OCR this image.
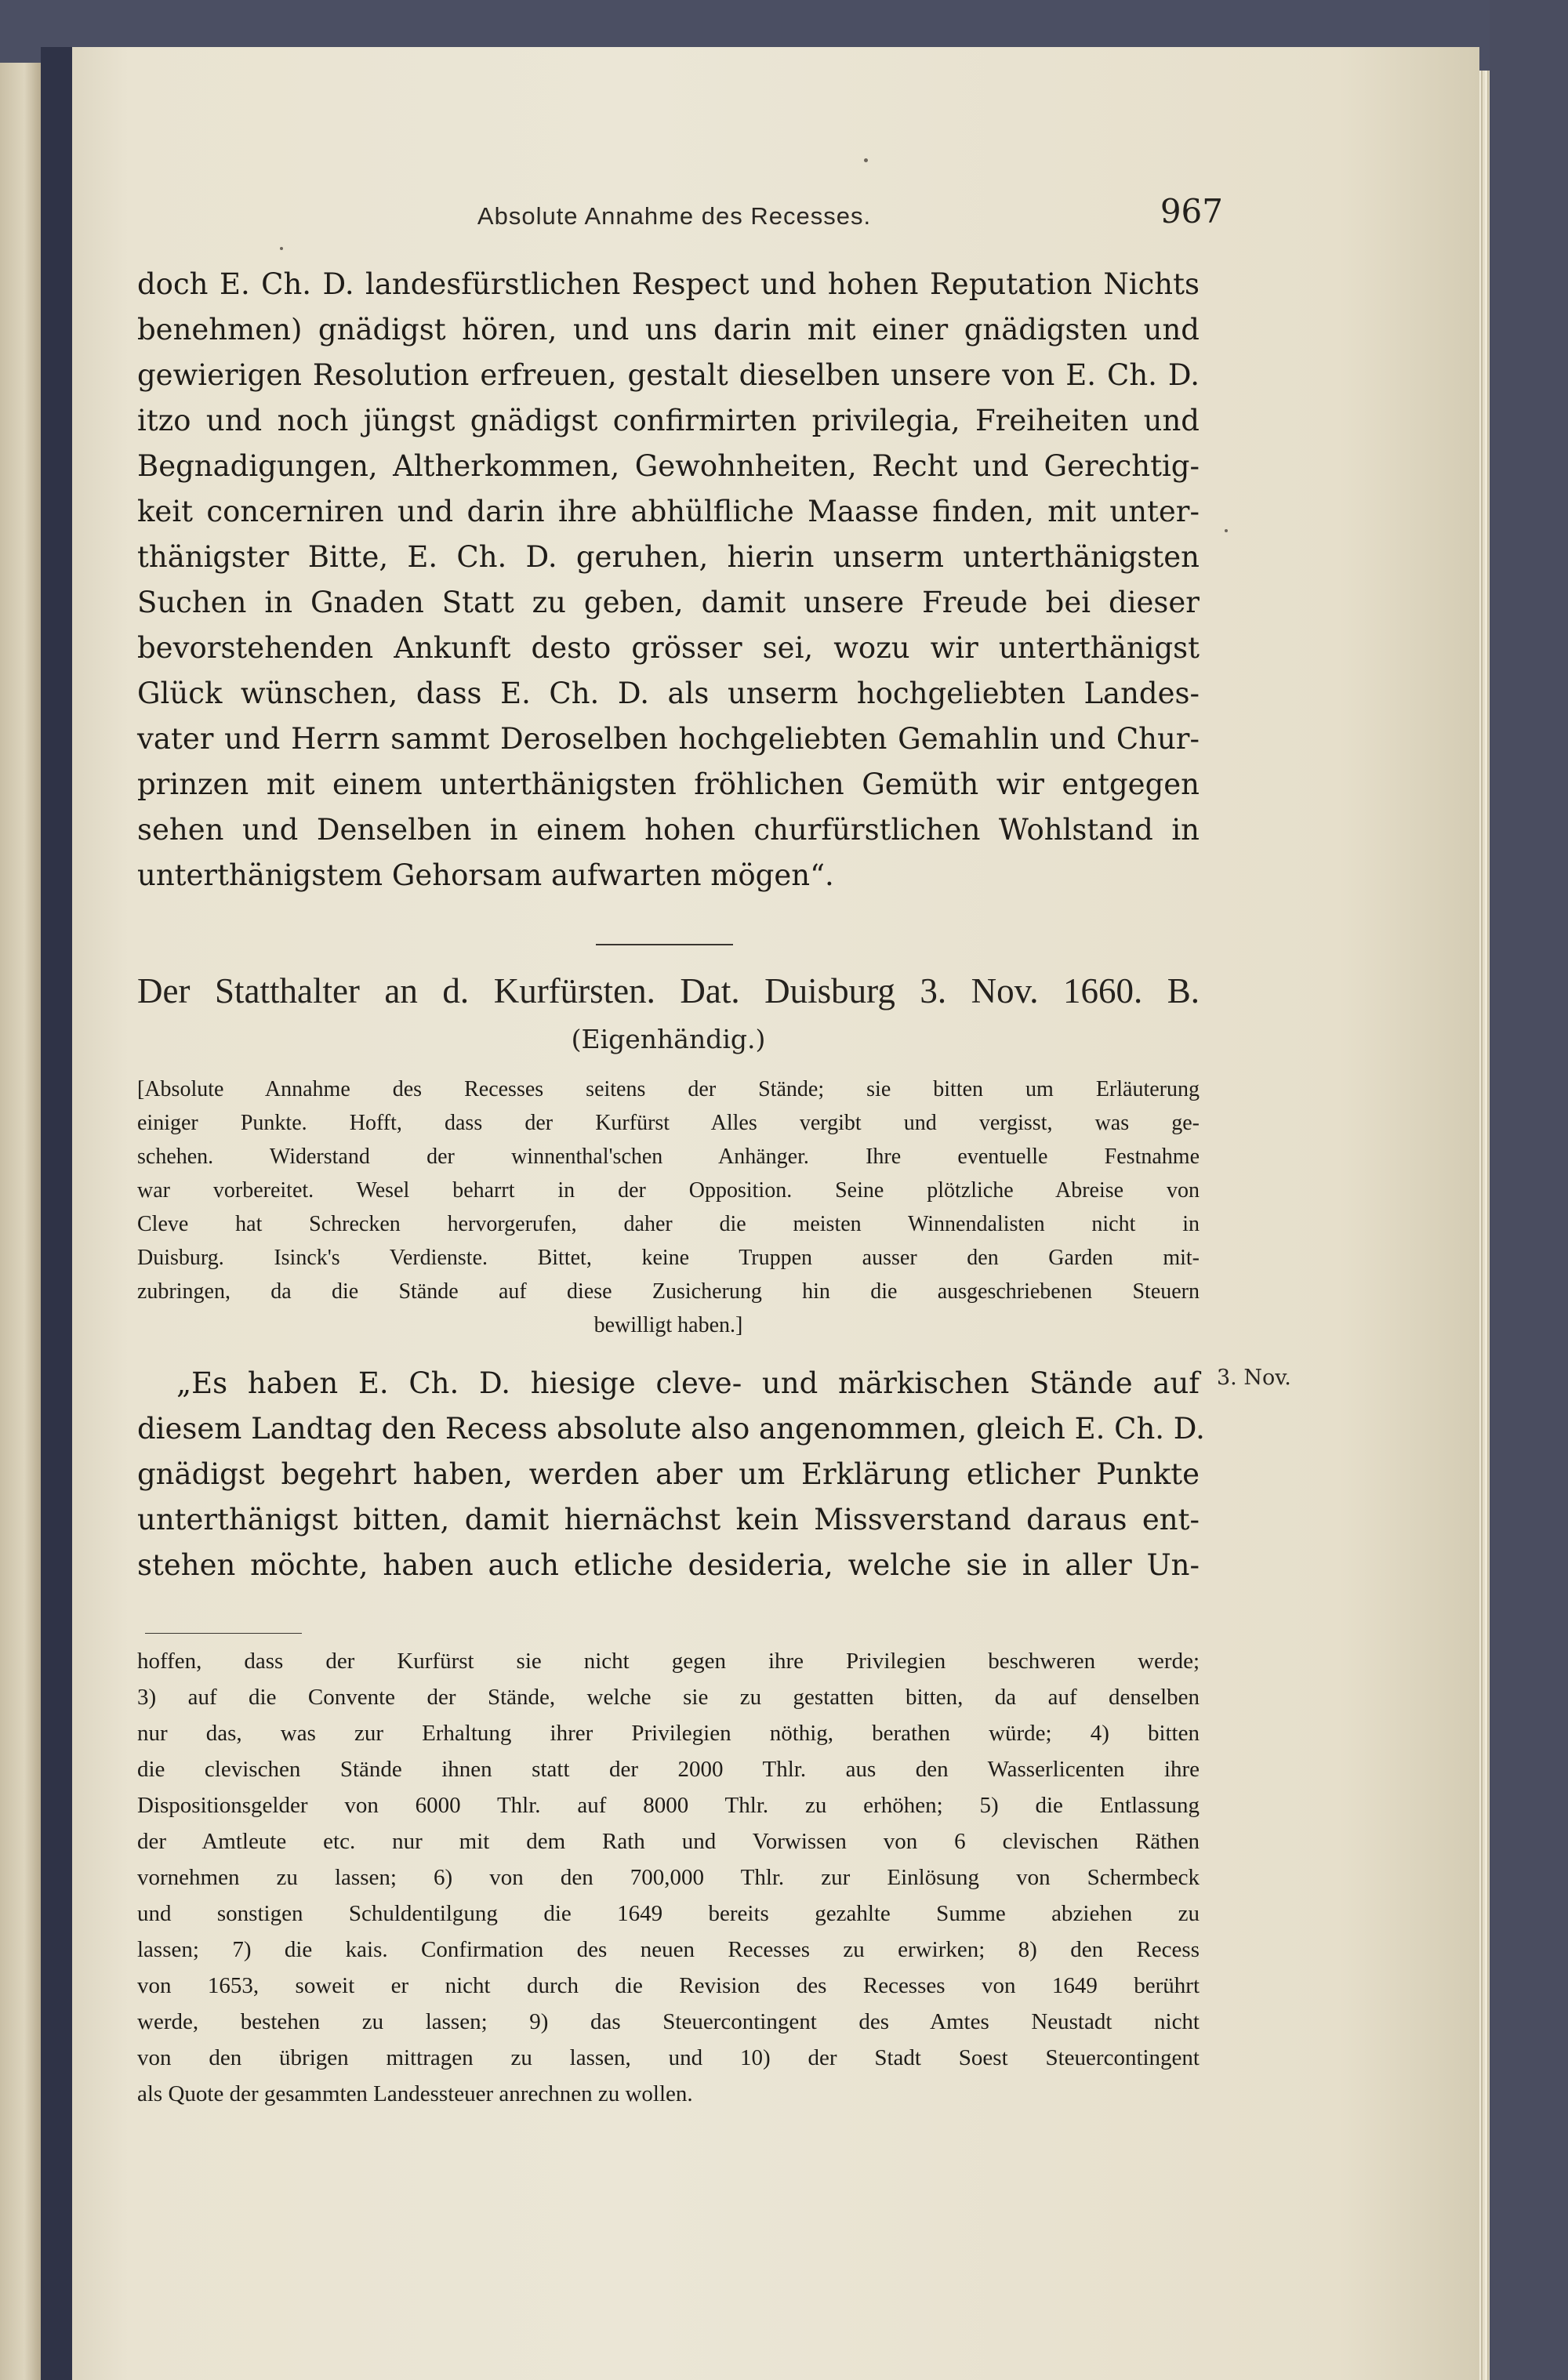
Absolute Annahme des Recesses.	967

doch E. Ch. D. landesfürstlichen Respect und hohen Reputation Nichts

benehmen) gnädigst hören, und uns darin mit einer gnädigsten und

gewierigen Resolution erfreuen, gestalt dieselben unsere von E. Ch. D.

itzo und noch jüngst gnädigst confirmirten privilegia, Freiheiten und

Begnadigungen, Altherkommen, Gewohnheiten, Recht und Gerechtig-

keit concerniren und darin ihre abhülfliche Maasse finden, mit unter-

thänigster Bitte, E. Ch. D. geruhen, hierin unserm unterthänigsten

Suchen in Gnaden Statt zu geben, damit unsere Freude bei dieser

bevorstehenden Ankunft desto grösser sei, wozu wir unterthänigst

Glück wünschen, dass E. Ch. D. als unserm hochgeliebten Landes-

vater und Herrn sammt Deroselben hochgeliebten Gemahlin und Chur-

prinzen mit einem unterthänigsten fröhlichen Gemüth wir entgegen

sehen und Denselben in einem hohen churfürstlichen Wohlstand in

unterthänigstem Gehorsam aufwarten mögen“.

Der Statthalter an d. Kurfürsten. Dat. Duisburg 3. Nov. 1660. B.
(Eigenhändig.)

[Absolute Annahme des Recesses seitens der Stände; sie bitten um Erläuterung

einiger Punkte. Hofft, dass der Kurfürst Alles vergibt und vergisst, was ge-

schehen. Widerstand der winnenthal'schen Anhänger. Ihre eventuelle Festnahme

war vorbereitet. Wesel beharrt in der Opposition. Seine plötzliche Abreise von

Cleve hat Schrecken hervorgerufen, daher die meisten Winnendalisten nicht in

Duisburg. Isinck's Verdienste. Bittet, keine Truppen ausser den Garden mit-

zubringen, da die Stände auf diese Zusicherung hin die ausgeschriebenen Steuern

bewilligt haben.]

3. Nov.

„Es haben E. Ch. D. hiesige cleve- und märkischen Stände auf

diesem Landtag den Recess absolute also angenommen, gleich E. Ch. D.

gnädigst begehrt haben, werden aber um Erklärung etlicher Punkte

unterthänigst bitten, damit hiernächst kein Missverstand daraus ent-

stehen möchte, haben auch etliche desideria, welche sie in aller Un-

hoffen, dass der Kurfürst sie nicht gegen ihre Privilegien beschweren werde;

3) auf die Convente der Stände, welche sie zu gestatten bitten, da auf denselben

nur das, was zur Erhaltung ihrer Privilegien nöthig, berathen würde; 4) bitten

die clevischen Stände ihnen statt der 2000 Thlr. aus den Wasserlicenten ihre

Dispositionsgelder von 6000 Thlr. auf 8000 Thlr. zu erhöhen; 5) die Entlassung

der Amtleute etc. nur mit dem Rath und Vorwissen von 6 clevischen Räthen

vornehmen zu lassen; 6) von den 700,000 Thlr. zur Einlösung von Schermbeck

und sonstigen Schuldentilgung die 1649 bereits gezahlte Summe abziehen zu

lassen; 7) die kais. Confirmation des neuen Recesses zu erwirken; 8) den Recess

von 1653, soweit er nicht durch die Revision des Recesses von 1649 berührt

werde, bestehen zu lassen; 9) das Steuercontingent des Amtes Neustadt nicht

von den übrigen mittragen zu lassen, und 10) der Stadt Soest Steuercontingent

als Quote der gesammten Landessteuer anrechnen zu wollen.
